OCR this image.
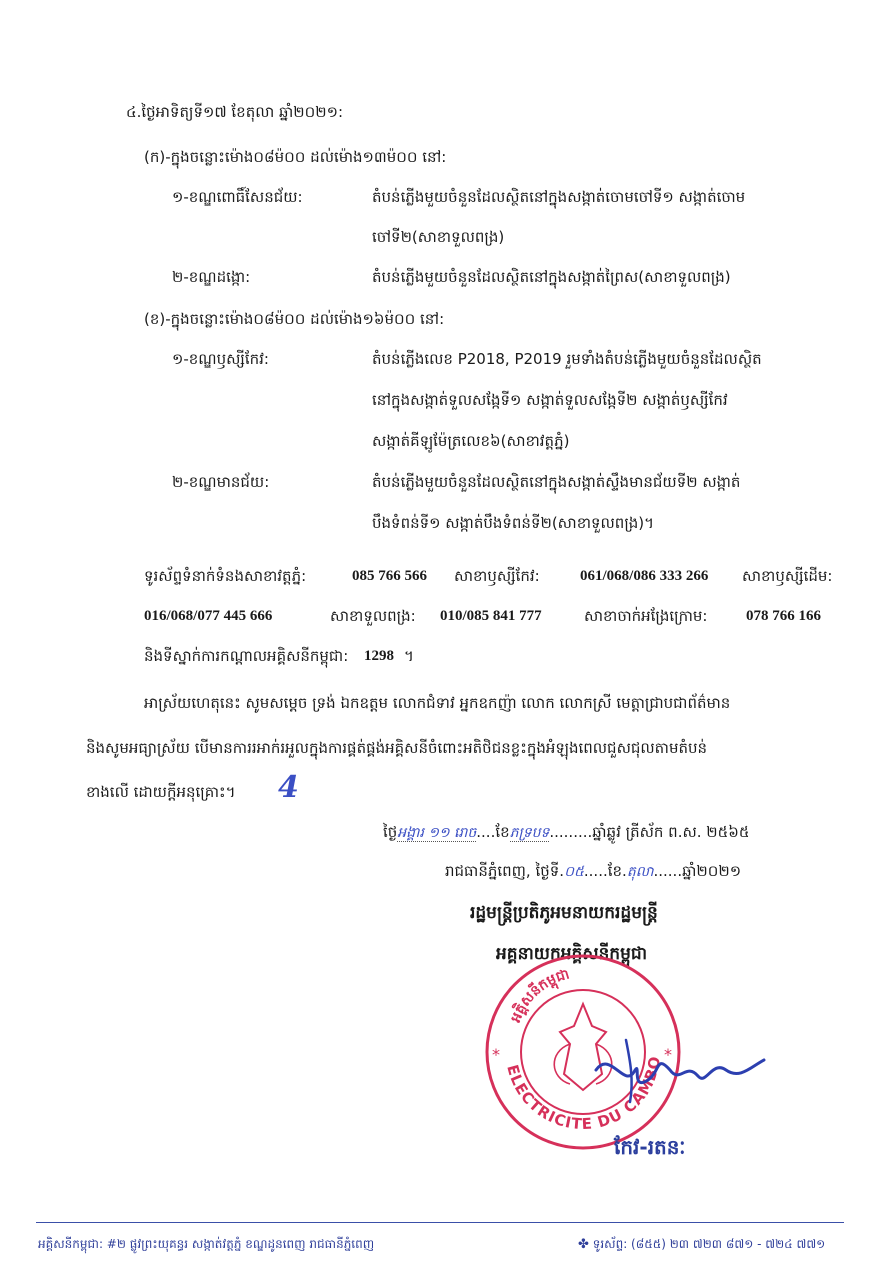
៤.ថ្ងៃអាទិត្យទី១៧ ខែតុលា ឆ្នាំ២០២១:
(ក)-ក្នុងចន្លោះម៉ោង០៨ម៉០០ ដល់ម៉ោង១៣ម៉០០ នៅ:
១-ខណ្ឌពោធិ៍សែនជ័យ:	តំបន់ភ្លើងមួយចំនួនដែលស្ថិតនៅក្នុងសង្កាត់ចោមចៅទី១ សង្កាត់ចោម
ចៅទី២(សាខាទួលពង្រ)
២-ខណ្ឌដង្កោ:	តំបន់ភ្លើងមួយចំនួនដែលស្ថិតនៅក្នុងសង្កាត់ព្រៃស(សាខាទួលពង្រ)
(ខ)-ក្នុងចន្លោះម៉ោង០៨ម៉០០ ដល់ម៉ោង១៦ម៉០០ នៅ:
១-ខណ្ឌឫស្សីកែវ:	តំបន់ភ្លើងលេខ P2018, P2019 រួមទាំងតំបន់ភ្លើងមួយចំនួនដែលស្ថិត
នៅក្នុងសង្កាត់ទួលសង្កែទី១ សង្កាត់ទួលសង្កែទី២ សង្កាត់ឫស្សីកែវ
សង្កាត់គីឡូម៉ែត្រលេខ៦(សាខាវត្តភ្នំ)
២-ខណ្ឌមានជ័យ:	តំបន់ភ្លើងមួយចំនួនដែលស្ថិតនៅក្នុងសង្កាត់ស្ទឹងមានជ័យទី២ សង្កាត់
បឹងទំពន់ទី១ សង្កាត់បឹងទំពន់ទី២(សាខាទួលពង្រ)។
ទូរស័ព្ទទំនាក់ទំនងសាខាវត្តភ្នំ:	085 766 566 សាខាឫស្សីកែវ:	061/068/086 333 266 សាខាឫស្សីដើម:
016/068/077 445 666	សាខាទួលពង្រ: 010/085 841 777	សាខាចាក់អង្រែក្រោម:	078 766 166
និងទីស្នាក់ការកណ្តាលអគ្គិសនីកម្ពុជា: 1298 ។
អាស្រ័យហេតុនេះ សូមសម្ដេច ទ្រង់ ឯកឧត្តម លោកជំទាវ អ្នកឧកញ៉ា លោក លោកស្រី មេត្តាជ្រាបជាព័ត៌មាន
និងសូមអធ្យាស្រ័យ បើមានការរអាក់រអួលក្នុងការផ្គត់ផ្គង់អគ្គិសនីចំពោះអតិថិជនខ្លះក្នុងអំឡុងពេលជួសជុលតាមតំបន់
ខាងលើ ដោយក្ដីអនុគ្រោះ។ 4
ថ្ងៃអង្គារ ១១ រោច....ខែភទ្របទ.........ឆ្នាំឆ្លូវ ត្រីស័ក ព.ស. ២៥៦៥
រាជធានីភ្នំពេញ, ថ្ងៃទី.០៥.....ខែ.តុលា......ឆ្នាំ២០២១
រដ្ឋមន្ត្រីប្រតិភូអមនាយករដ្ឋមន្ត្រី
អគ្គនាយកអគ្គិសនីកម្ពុជា
ELECTRICITE DU CAMBO
អគ្គិសនីកម្ពុជា
*	*
កែវ-រតនៈ
អគ្គិសនីកម្ពុជា: #២ ផ្លូវព្រះយុគន្ធរ សង្កាត់វត្តភ្នំ ខណ្ឌដូនពេញ រាជធានីភ្នំពេញ	✤ ទូរស័ព្ទ: (៨៥៥) ២៣ ៧២៣ ៨៧១ - ៧២៤ ៧៧១
